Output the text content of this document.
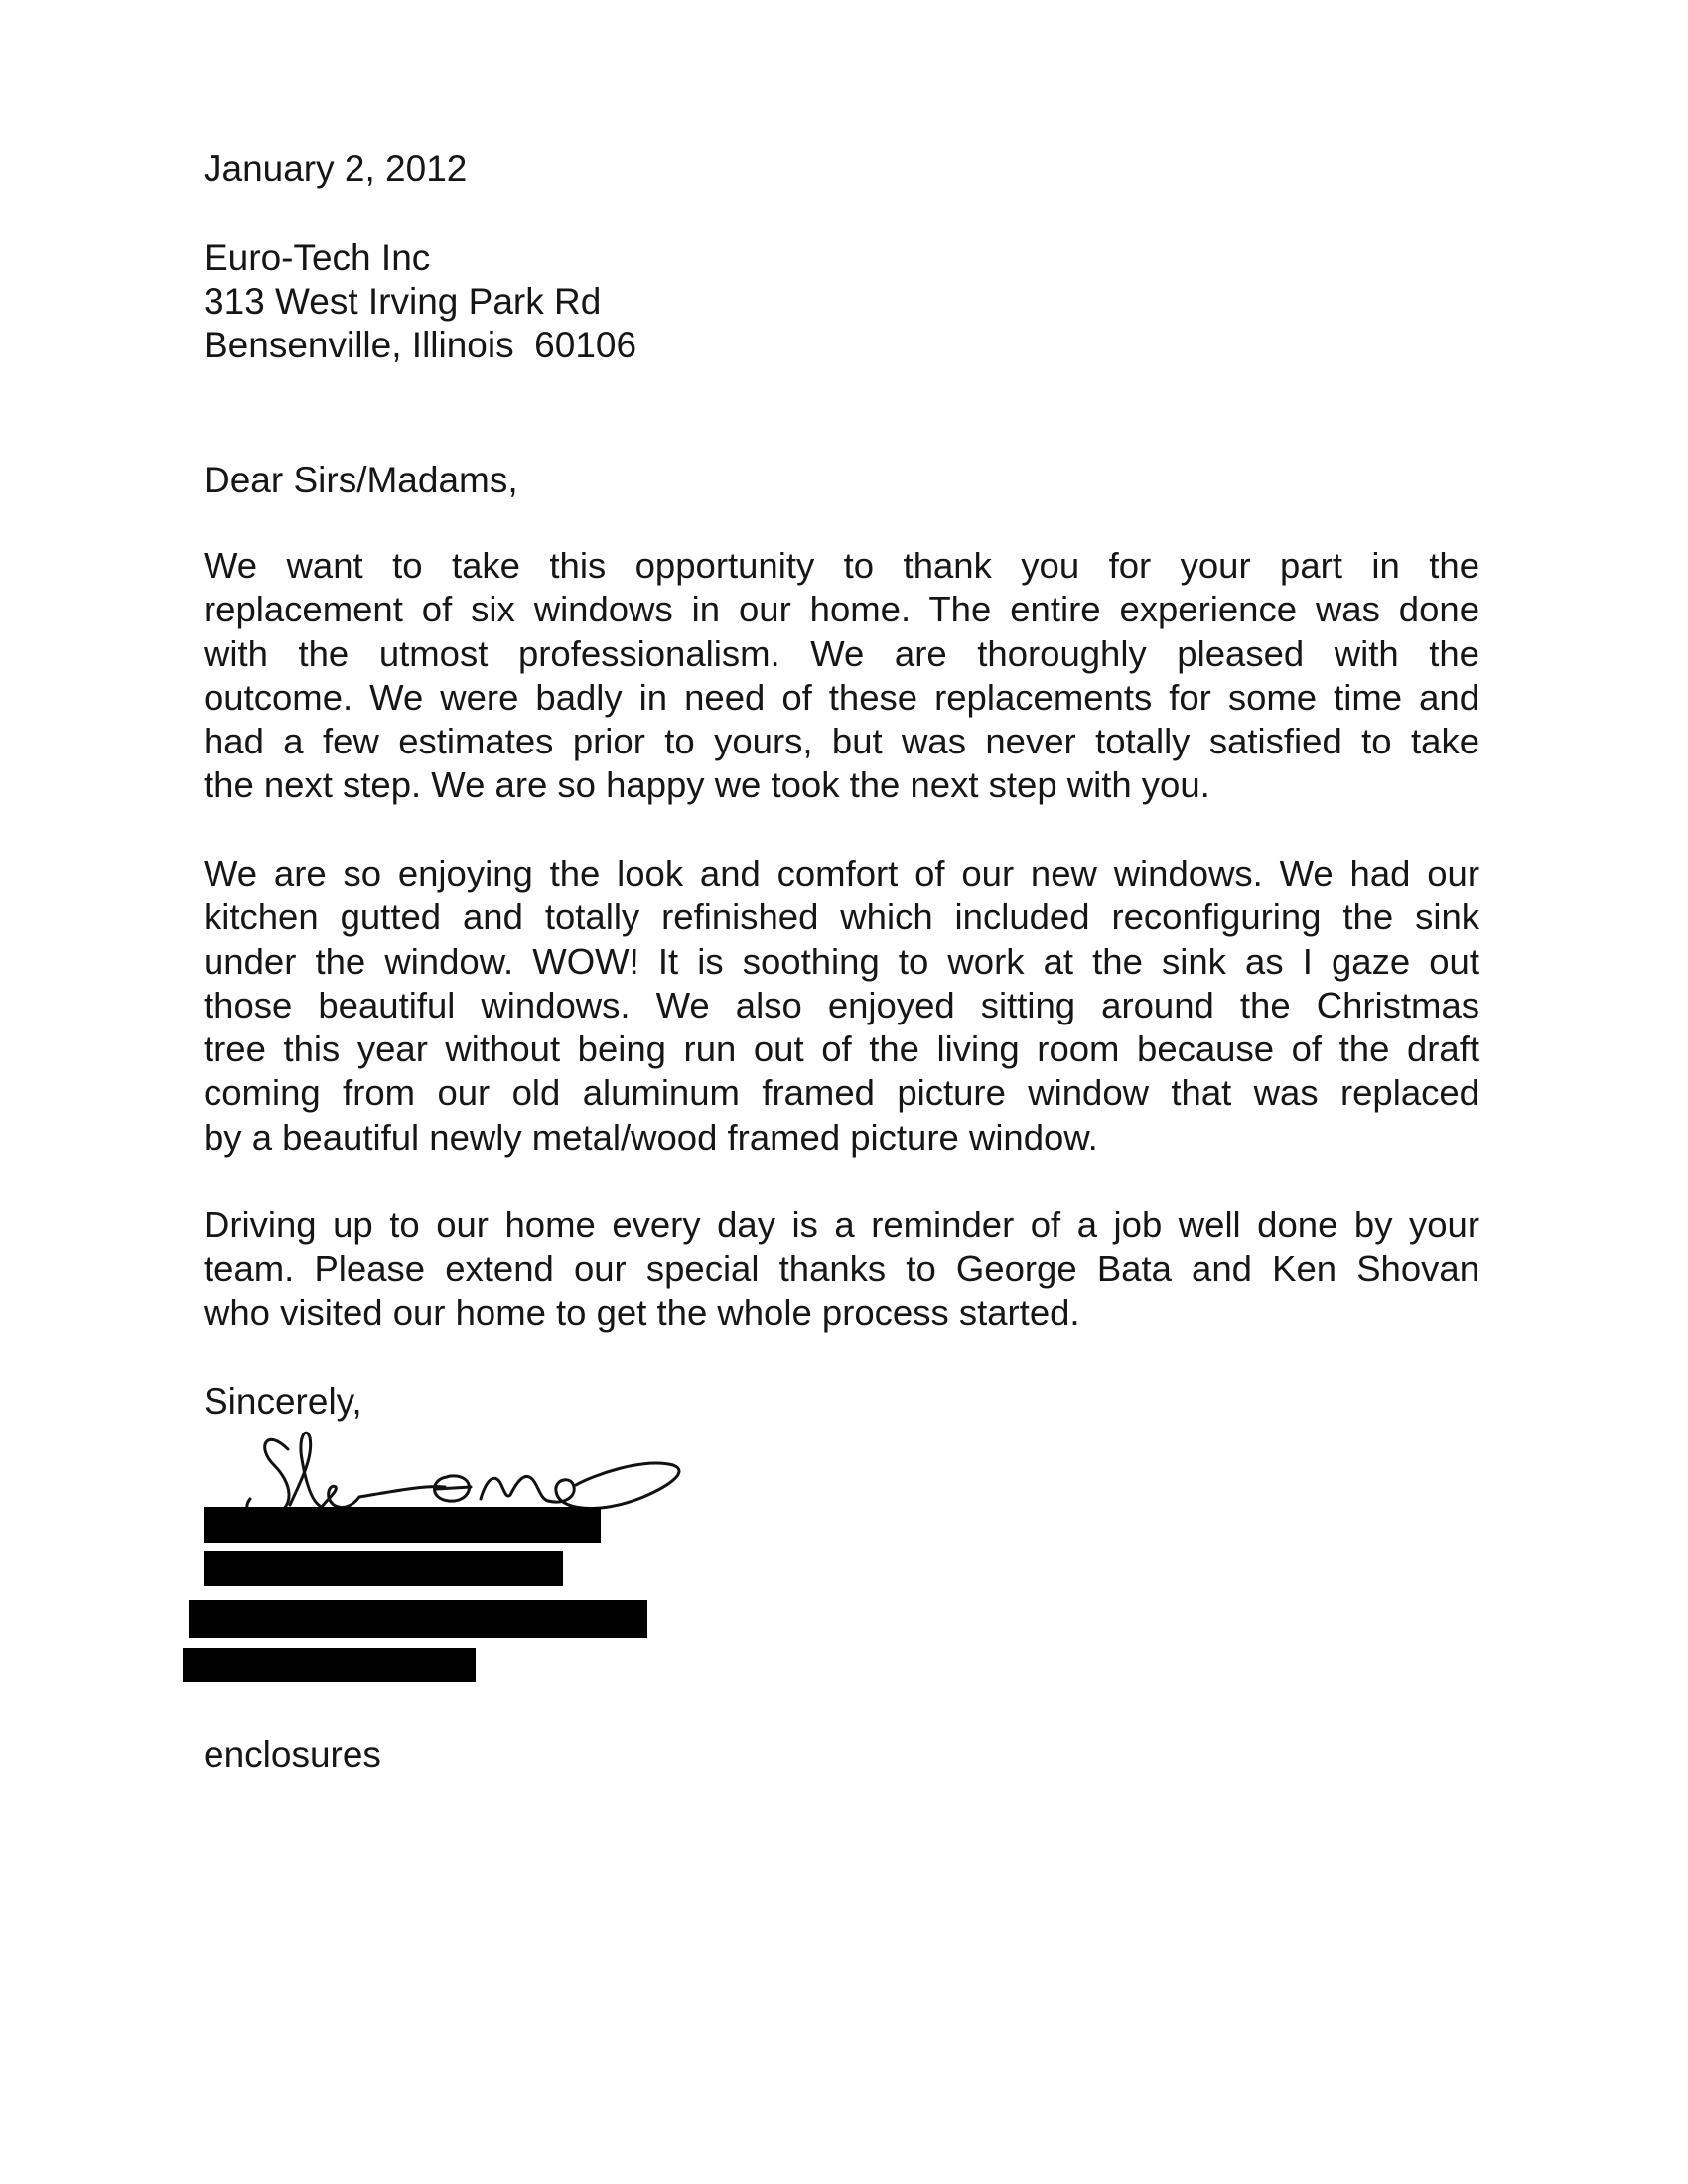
January 2, 2012

Euro-Tech Inc

313 West Irving Park Rd

Bensenville, Illinois  60106

Dear Sirs/Madams,

We want to take this opportunity to thank you for your part in the
replacement of six windows in our home. The entire experience was done
with the utmost professionalism. We are thoroughly pleased with the
outcome. We were badly in need of these replacements for some time and
had a few estimates prior to yours, but was never totally satisfied to take
the next step. We are so happy we took the next step with you.
We are so enjoying the look and comfort of our new windows. We had our
kitchen gutted and totally refinished which included reconfiguring the sink
under the window. WOW! It is soothing to work at the sink as I gaze out
those beautiful windows. We also enjoyed sitting around the Christmas
tree this year without being run out of the living room because of the draft
coming from our old aluminum framed picture window that was replaced
by a beautiful newly metal/wood framed picture window.
Driving up to our home every day is a reminder of a job well done by your
team. Please extend our special thanks to George Bata and Ken Shovan
who visited our home to get the whole process started.

Sincerely,

enclosures
